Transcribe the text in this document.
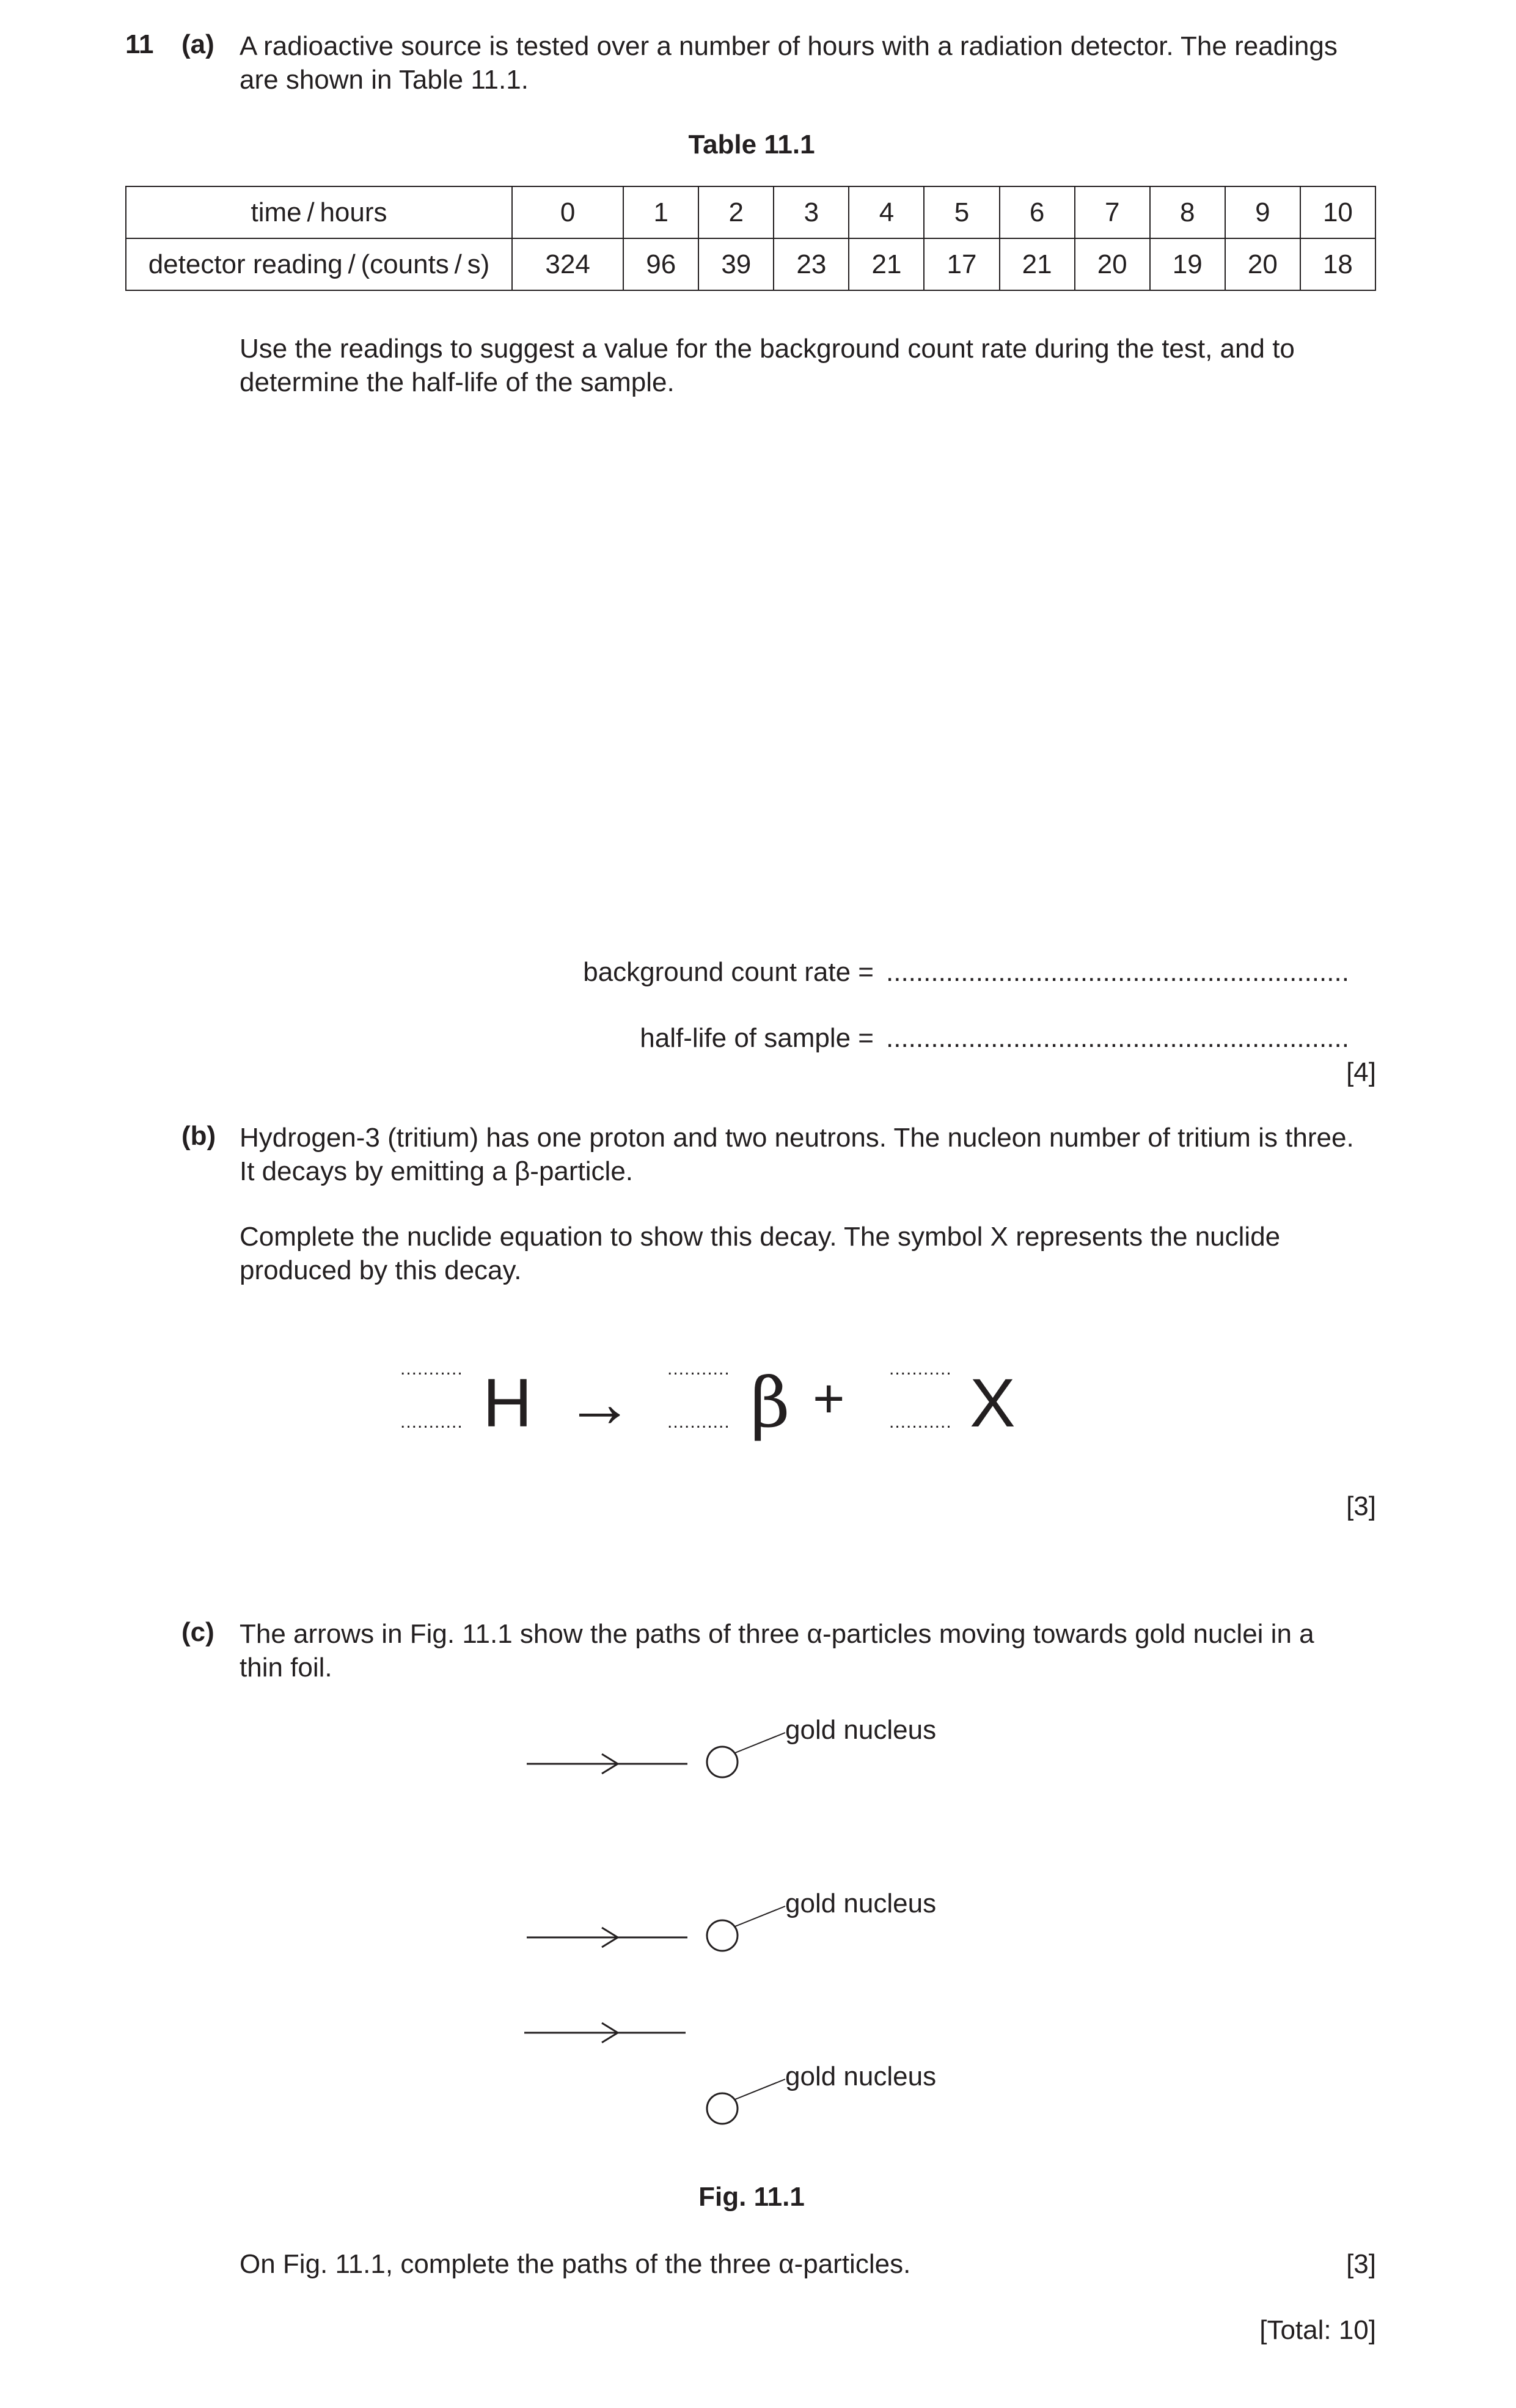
11 (a) A radioactive source is tested over a number of hours with a radiation detector. The readings
are shown in Table 11.1.
Table 11.1
time / hours	0	1	2	3	4	5	6	7	8	9	10
detector reading / (counts / s)	324	96	39	23	21	17	21	20	19	20	18
Use the readings to suggest a value for the background count rate during the test, and to
determine the half-life of the sample.
background count rate = ..............................................................
half-life of sample = ..............................................................
[4]
(b) Hydrogen-3 (tritium) has one proton and two neutrons. The nucleon number of tritium is three.
It decays by emitting a β-particle.
Complete the nuclide equation to show this decay. The symbol X represents the nuclide
produced by this decay.
...........
........... H → ...........
........... β + ...........
........... X
[3]
(c) The arrows in Fig. 11.1 show the paths of three α-particles moving towards gold nuclei in a
thin foil.
gold nucleus
gold nucleus
gold nucleus
Fig. 11.1
On Fig. 11.1, complete the paths of the three α-particles.	[3]
[Total: 10]
